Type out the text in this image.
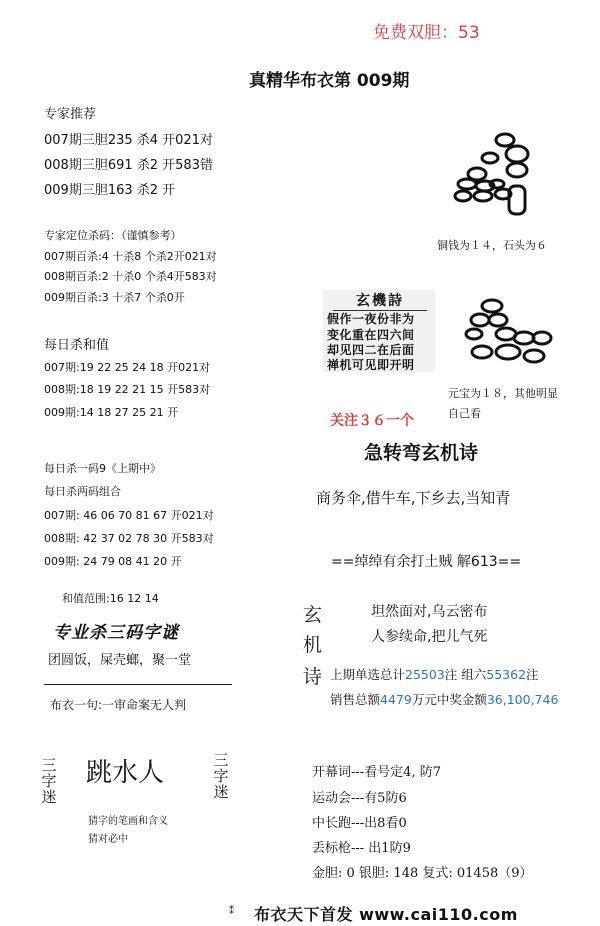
免费双胆：53
真精华布衣第 009期
专家推荐
007期三胆235 杀4 开021对
008期三胆691 杀2 开583错
009期三胆163 杀2 开
专家定位杀码：（谨慎参考）
007期百杀:4 十杀8 个杀2开021对
008期百杀:2 十杀0 个杀4开583对
009期百杀:3 十杀7 个杀0开
每日杀和值
007期:19 22 25 24 18 开021对
008期:18 19 22 21 15 开583对
009期:14 18 27 25 21 开
每日杀一码9《上期中》
每日杀两码组合
007期: 46 06 70 81 67 开021对
008期: 42 37 02 78 30 开583对
009期: 24 79 08 41 20 开
和值范围:16 12 14
专业杀三码字谜
团圆饭，屎壳螂，聚一堂
布衣一句:一审命案无人判
三字迷
跳水人	三字迷
猜字的笔画和含义
猜对必中
铜钱为１４，石头为６
元宝为１８，其他明显
自己看
玄機詩
假作一夜份非为
变化重在四六间
却见四二在后面
禅机可见即开明
关注３６一个
急转弯玄机诗
商务伞,借牛车,下乡去,当知青
==绰绰有余打土贼 解613==
玄
机
诗
坦然面对,乌云密布
人参续命,把儿气死
上期单选总计25503注 组六55362注
销售总额4479万元中奖金额36,100,746
开幕词---看号定4, 防7
运动会---有5防6
中长跑---出8看0
丢标枪--- 出1防9
金胆: 0 银胆: 148 复式: 01458（9）
⁑ 布衣天下首发 www.cai110.com
